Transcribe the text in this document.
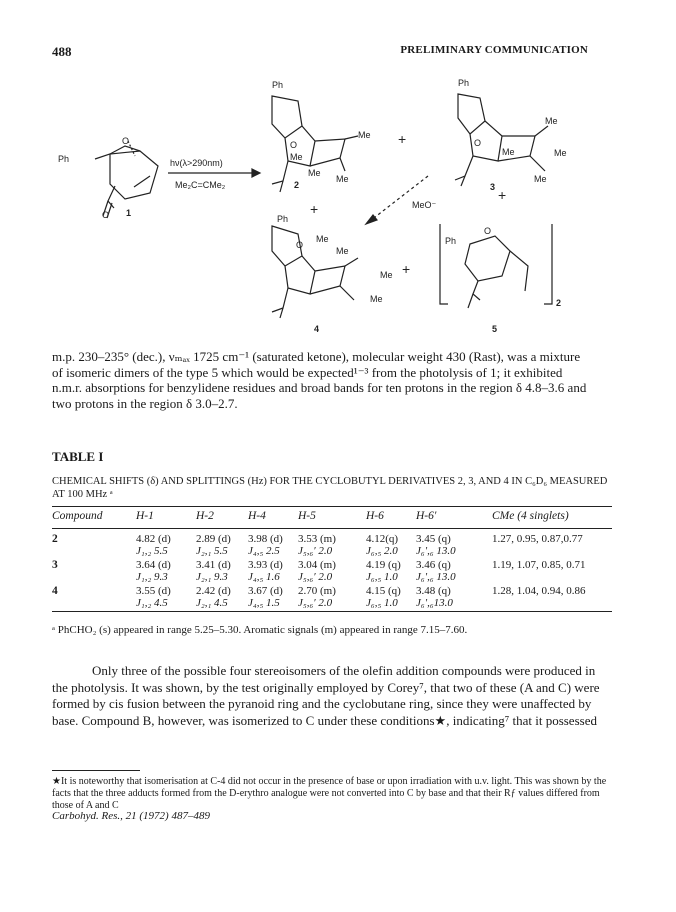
488	PRELIMINARY COMMUNICATION
Ph
Ph	Ph
Ph
Ph
hν(λ>290nm)
Me₂C=CMe₂
Me
Me
Me
Me
Me
Me	Me
Me
Me
Me
Me
Me
MeO⁻
O
O
O	O
O
O
+
+
+
+
1
2	3
4	5
2
m.p. 230–235° (dec.), νₘₐₓ 1725 cm⁻¹ (saturated ketone), molecular weight 430 (Rast), was a mixture of isomeric dimers of the type 5 which would be expected¹⁻³ from the photolysis of 1; it exhibited n.m.r. absorptions for benzylidene residues and broad bands for ten protons in the region δ 4.8–3.6 and two protons in the region δ 3.0–2.7.
TABLE I
CHEMICAL SHIFTS (δ) AND SPLITTINGS (Hz) FOR THE CYCLOBUTYL DERIVATIVES 2, 3, AND 4 IN C₆D₆ MEASURED AT 100 MHz ᵃ
Compound	H-1	H-2	H-4	H-5	H-6	H-6′	CMe (4 singlets)
2	4.82 (d) 2.89 (d) 3.98 (d) 3.53 (m)	4.12(q) 3.45 (q)	1.27, 0.95, 0.87,0.77
J₁,₂ 5.5	J₂,₁ 5.5 J₄,₅ 2.5 J₅,₆′ 2.0	J₆,₅ 2.0 J₆′,₆ 13.0
3	3.64 (d) 3.41 (d) 3.93 (d) 3.04 (m)	4.19 (q) 3.46 (q)	1.19, 1.07, 0.85, 0.71
J₁,₂ 9.3	J₂,₁ 9.3 J₄,₅ 1.6 J₅,₆′ 2.0	J₆,₅ 1.0 J₆′,₆ 13.0
4	3.55 (d) 2.42 (d) 3.67 (d) 2.70 (m)	4.15 (q) 3.48 (q)	1.28, 1.04, 0.94, 0.86
J₁,₂ 4.5	J₂,₁ 4.5 J₄,₅ 1.5 J₅,₆′ 2.0	J₆,₅ 1.0 J₆′,₆13.0
ᵃ PhCHO₂ (s) appeared in range 5.25–5.30. Aromatic signals (m) appeared in range 7.15–7.60.
Only three of the possible four stereoisomers of the olefin addition compounds were produced in the photolysis. It was shown, by the test originally employed by Corey⁷, that two of these (A and C) were formed by cis fusion between the pyranoid ring and the cyclobutane ring, since they were unaffected by base. Compound B, however, was isomerized to C under these conditions★, indicating⁷ that it possessed
★It is noteworthy that isomerisation at C-4 did not occur in the presence of base or upon irradiation with u.v. light. This was shown by the facts that the three adducts formed from the D-erythro analogue were not converted into C by base and that their Rƒ values differed from those of A and C
Carbohyd. Res., 21 (1972) 487–489
